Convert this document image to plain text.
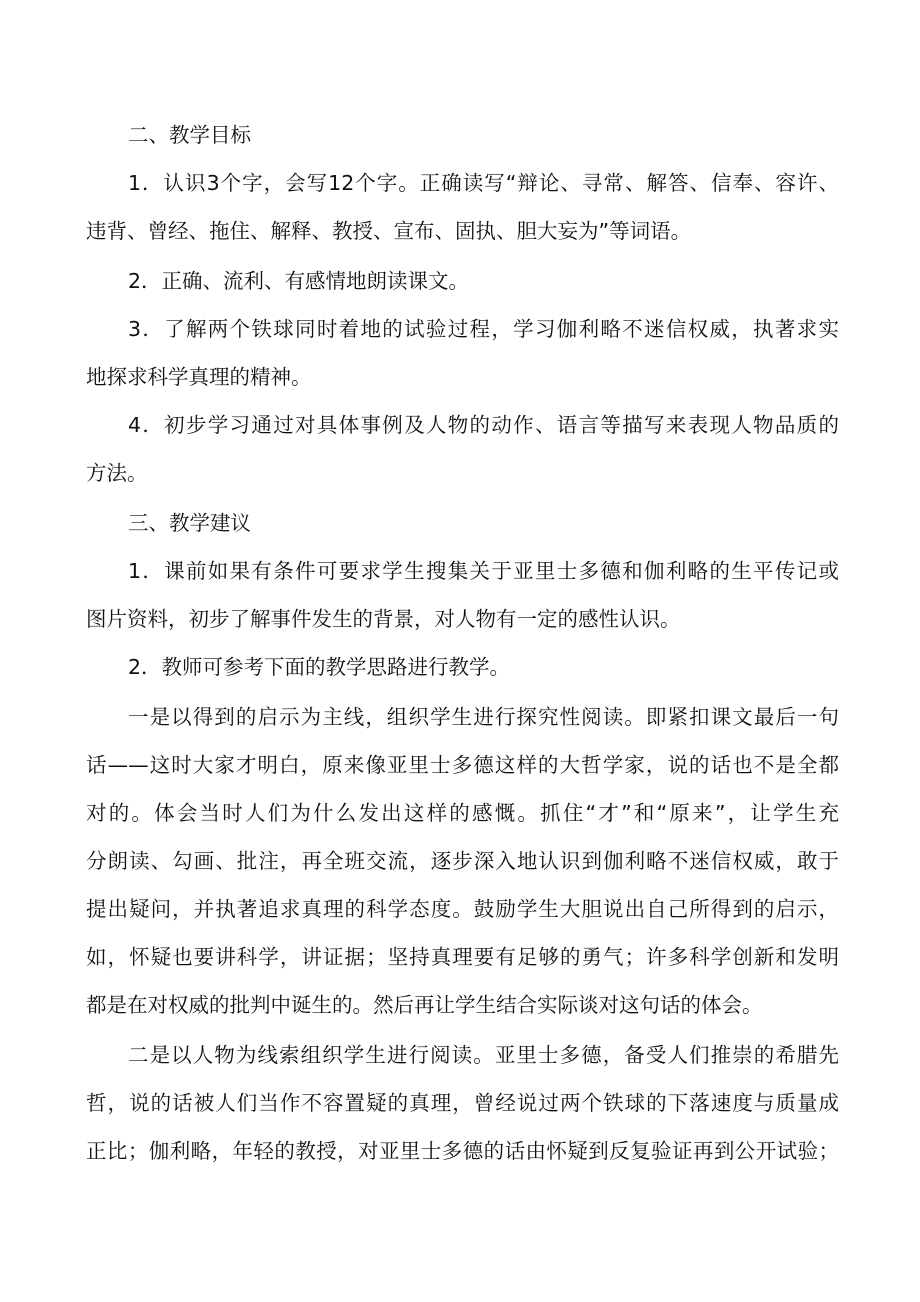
二、教学目标
1．认识3个字，会写12个字。正确读写“辩论、寻常、解答、信奉、容许、
违背、曾经、拖住、解释、教授、宣布、固执、胆大妄为”等词语。
2．正确、流利、有感情地朗读课文。
3．了解两个铁球同时着地的试验过程，学习伽利略不迷信权威，执著求实
地探求科学真理的精神。
4．初步学习通过对具体事例及人物的动作、语言等描写来表现人物品质的
方法。
三、教学建议
1．课前如果有条件可要求学生搜集关于亚里士多德和伽利略的生平传记或
图片资料，初步了解事件发生的背景，对人物有一定的感性认识。
2．教师可参考下面的教学思路进行教学。
一是以得到的启示为主线，组织学生进行探究性阅读。即紧扣课文最后一句
话——这时大家才明白，原来像亚里士多德这样的大哲学家，说的话也不是全都
对的。体会当时人们为什么发出这样的感慨。抓住“才”和“原来”，让学生充
分朗读、勾画、批注，再全班交流，逐步深入地认识到伽利略不迷信权威，敢于
提出疑问，并执著追求真理的科学态度。鼓励学生大胆说出自己所得到的启示，
如，怀疑也要讲科学，讲证据；坚持真理要有足够的勇气；许多科学创新和发明
都是在对权威的批判中诞生的。然后再让学生结合实际谈对这句话的体会。
二是以人物为线索组织学生进行阅读。亚里士多德，备受人们推崇的希腊先
哲，说的话被人们当作不容置疑的真理，曾经说过两个铁球的下落速度与质量成
正比；伽利略，年轻的教授，对亚里士多德的话由怀疑到反复验证再到公开试验；
